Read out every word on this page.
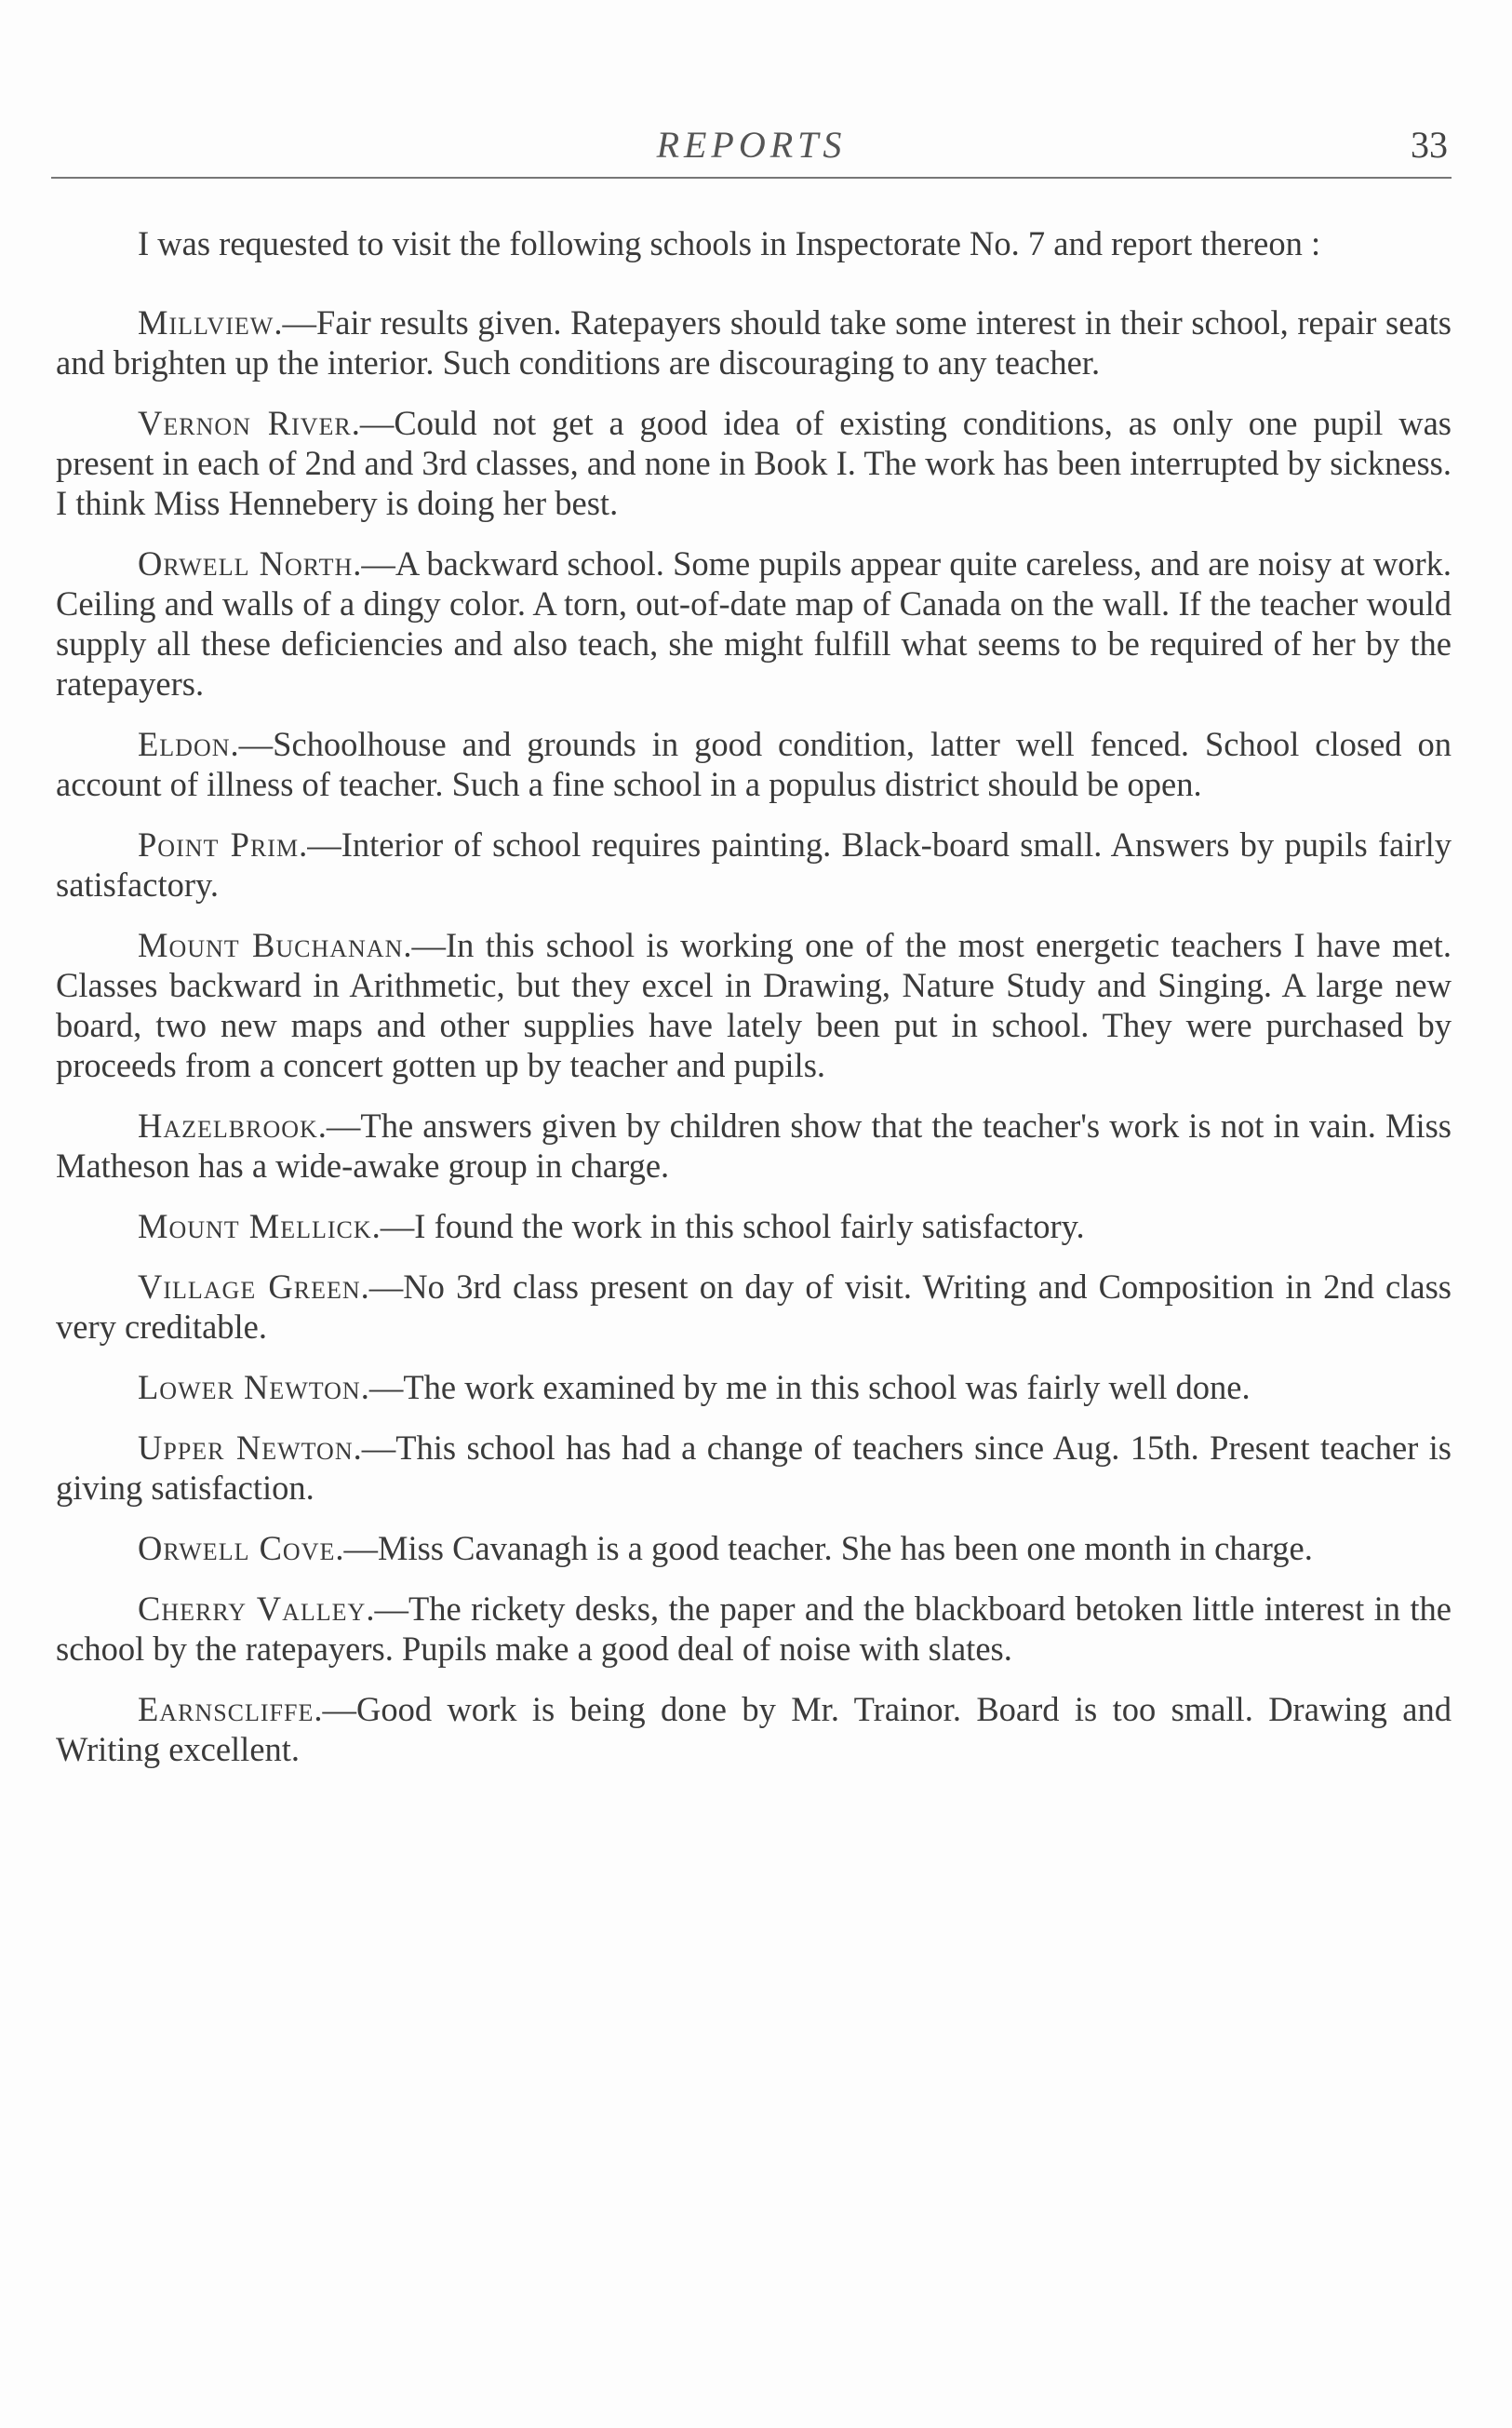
REPORTS	33

I was requested to visit the following schools in Inspectorate No. 7 and report thereon :

Millview.—Fair results given. Ratepayers should take some interest in their school, repair seats and brighten up the interior. Such conditions are discouraging to any teacher.

Vernon River.—Could not get a good idea of existing conditions, as only one pupil was present in each of 2nd and 3rd classes, and none in Book I. The work has been interrupted by sickness. I think Miss Hennebery is doing her best.

Orwell North.—A backward school. Some pupils appear quite careless, and are noisy at work. Ceiling and walls of a dingy color. A torn, out-of-date map of Canada on the wall. If the teacher would supply all these deficiencies and also teach, she might fulfill what seems to be required of her by the ratepayers.

Eldon.—Schoolhouse and grounds in good condition, latter well fenced. School closed on account of illness of teacher. Such a fine school in a populus district should be open.

Point Prim.—Interior of school requires painting. Black-board small. Answers by pupils fairly satisfactory.

Mount Buchanan.—In this school is working one of the most energetic teachers I have met. Classes backward in Arithmetic, but they excel in Drawing, Nature Study and Singing. A large new board, two new maps and other supplies have lately been put in school. They were purchased by proceeds from a concert gotten up by teacher and pupils.

Hazelbrook.—The answers given by children show that the teacher's work is not in vain. Miss Matheson has a wide-awake group in charge.

Mount Mellick.—I found the work in this school fairly satisfactory.

Village Green.—No 3rd class present on day of visit. Writing and Composition in 2nd class very creditable.

Lower Newton.—The work examined by me in this school was fairly well done.

Upper Newton.—This school has had a change of teachers since Aug. 15th. Present teacher is giving satisfaction.

Orwell Cove.—Miss Cavanagh is a good teacher. She has been one month in charge.

Cherry Valley.—The rickety desks, the paper and the blackboard betoken little interest in the school by the ratepayers. Pupils make a good deal of noise with slates.

Earnscliffe.—Good work is being done by Mr. Trainor. Board is too small. Drawing and Writing excellent.
